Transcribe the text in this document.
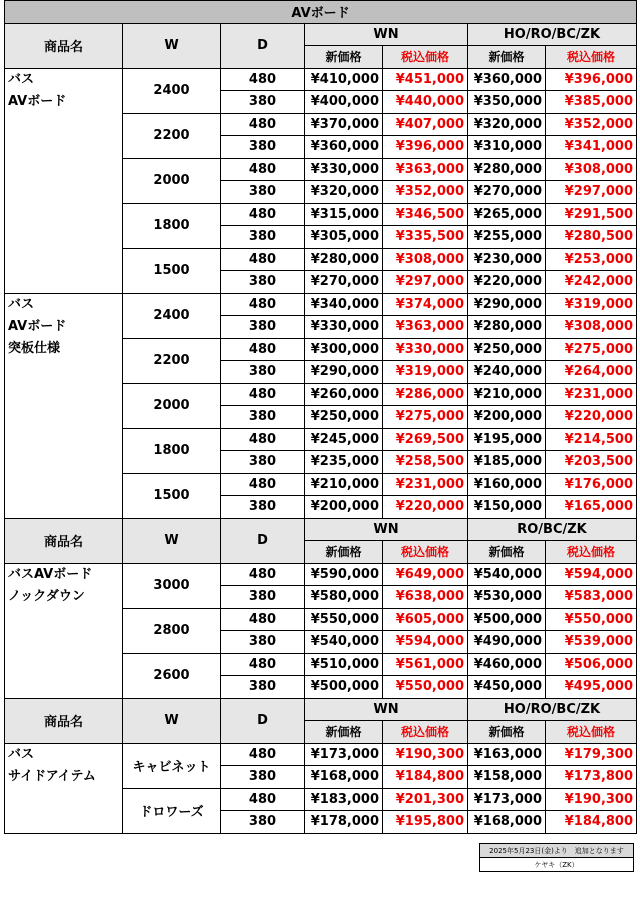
AVボード						
商品名	W	D	WN		HO/RO/BC/ZK	
			新価格	税込価格	新価格	税込価格
バス
AVボード	2400	480	¥410,000	¥451,000	¥360,000	¥396,000
		380	¥400,000	¥440,000	¥350,000	¥385,000
	2200	480	¥370,000	¥407,000	¥320,000	¥352,000
		380	¥360,000	¥396,000	¥310,000	¥341,000
	2000	480	¥330,000	¥363,000	¥280,000	¥308,000
		380	¥320,000	¥352,000	¥270,000	¥297,000
	1800	480	¥315,000	¥346,500	¥265,000	¥291,500
		380	¥305,000	¥335,500	¥255,000	¥280,500
	1500	480	¥280,000	¥308,000	¥230,000	¥253,000
		380	¥270,000	¥297,000	¥220,000	¥242,000
バス
AVボード
突板仕様	2400	480	¥340,000	¥374,000	¥290,000	¥319,000
		380	¥330,000	¥363,000	¥280,000	¥308,000
	2200	480	¥300,000	¥330,000	¥250,000	¥275,000
		380	¥290,000	¥319,000	¥240,000	¥264,000
	2000	480	¥260,000	¥286,000	¥210,000	¥231,000
		380	¥250,000	¥275,000	¥200,000	¥220,000
	1800	480	¥245,000	¥269,500	¥195,000	¥214,500
		380	¥235,000	¥258,500	¥185,000	¥203,500
	1500	480	¥210,000	¥231,000	¥160,000	¥176,000
		380	¥200,000	¥220,000	¥150,000	¥165,000
商品名	W	D	WN		RO/BC/ZK	
			新価格	税込価格	新価格	税込価格
バスAVボード
ノックダウン	3000	480	¥590,000	¥649,000	¥540,000	¥594,000
		380	¥580,000	¥638,000	¥530,000	¥583,000
	2800	480	¥550,000	¥605,000	¥500,000	¥550,000
		380	¥540,000	¥594,000	¥490,000	¥539,000
	2600	480	¥510,000	¥561,000	¥460,000	¥506,000
		380	¥500,000	¥550,000	¥450,000	¥495,000
商品名	W	D	WN		HO/RO/BC/ZK	
			新価格	税込価格	新価格	税込価格
バス
サイドアイテム	キャビネット	480	¥173,000	¥190,300	¥163,000	¥179,300
		380	¥168,000	¥184,800	¥158,000	¥173,800
	ドロワーズ	480	¥183,000	¥201,300	¥173,000	¥190,300
		380	¥178,000	¥195,800	¥168,000	¥184,800
2025年5月23日(金)より　追加となります
ケヤキ（ZK）
